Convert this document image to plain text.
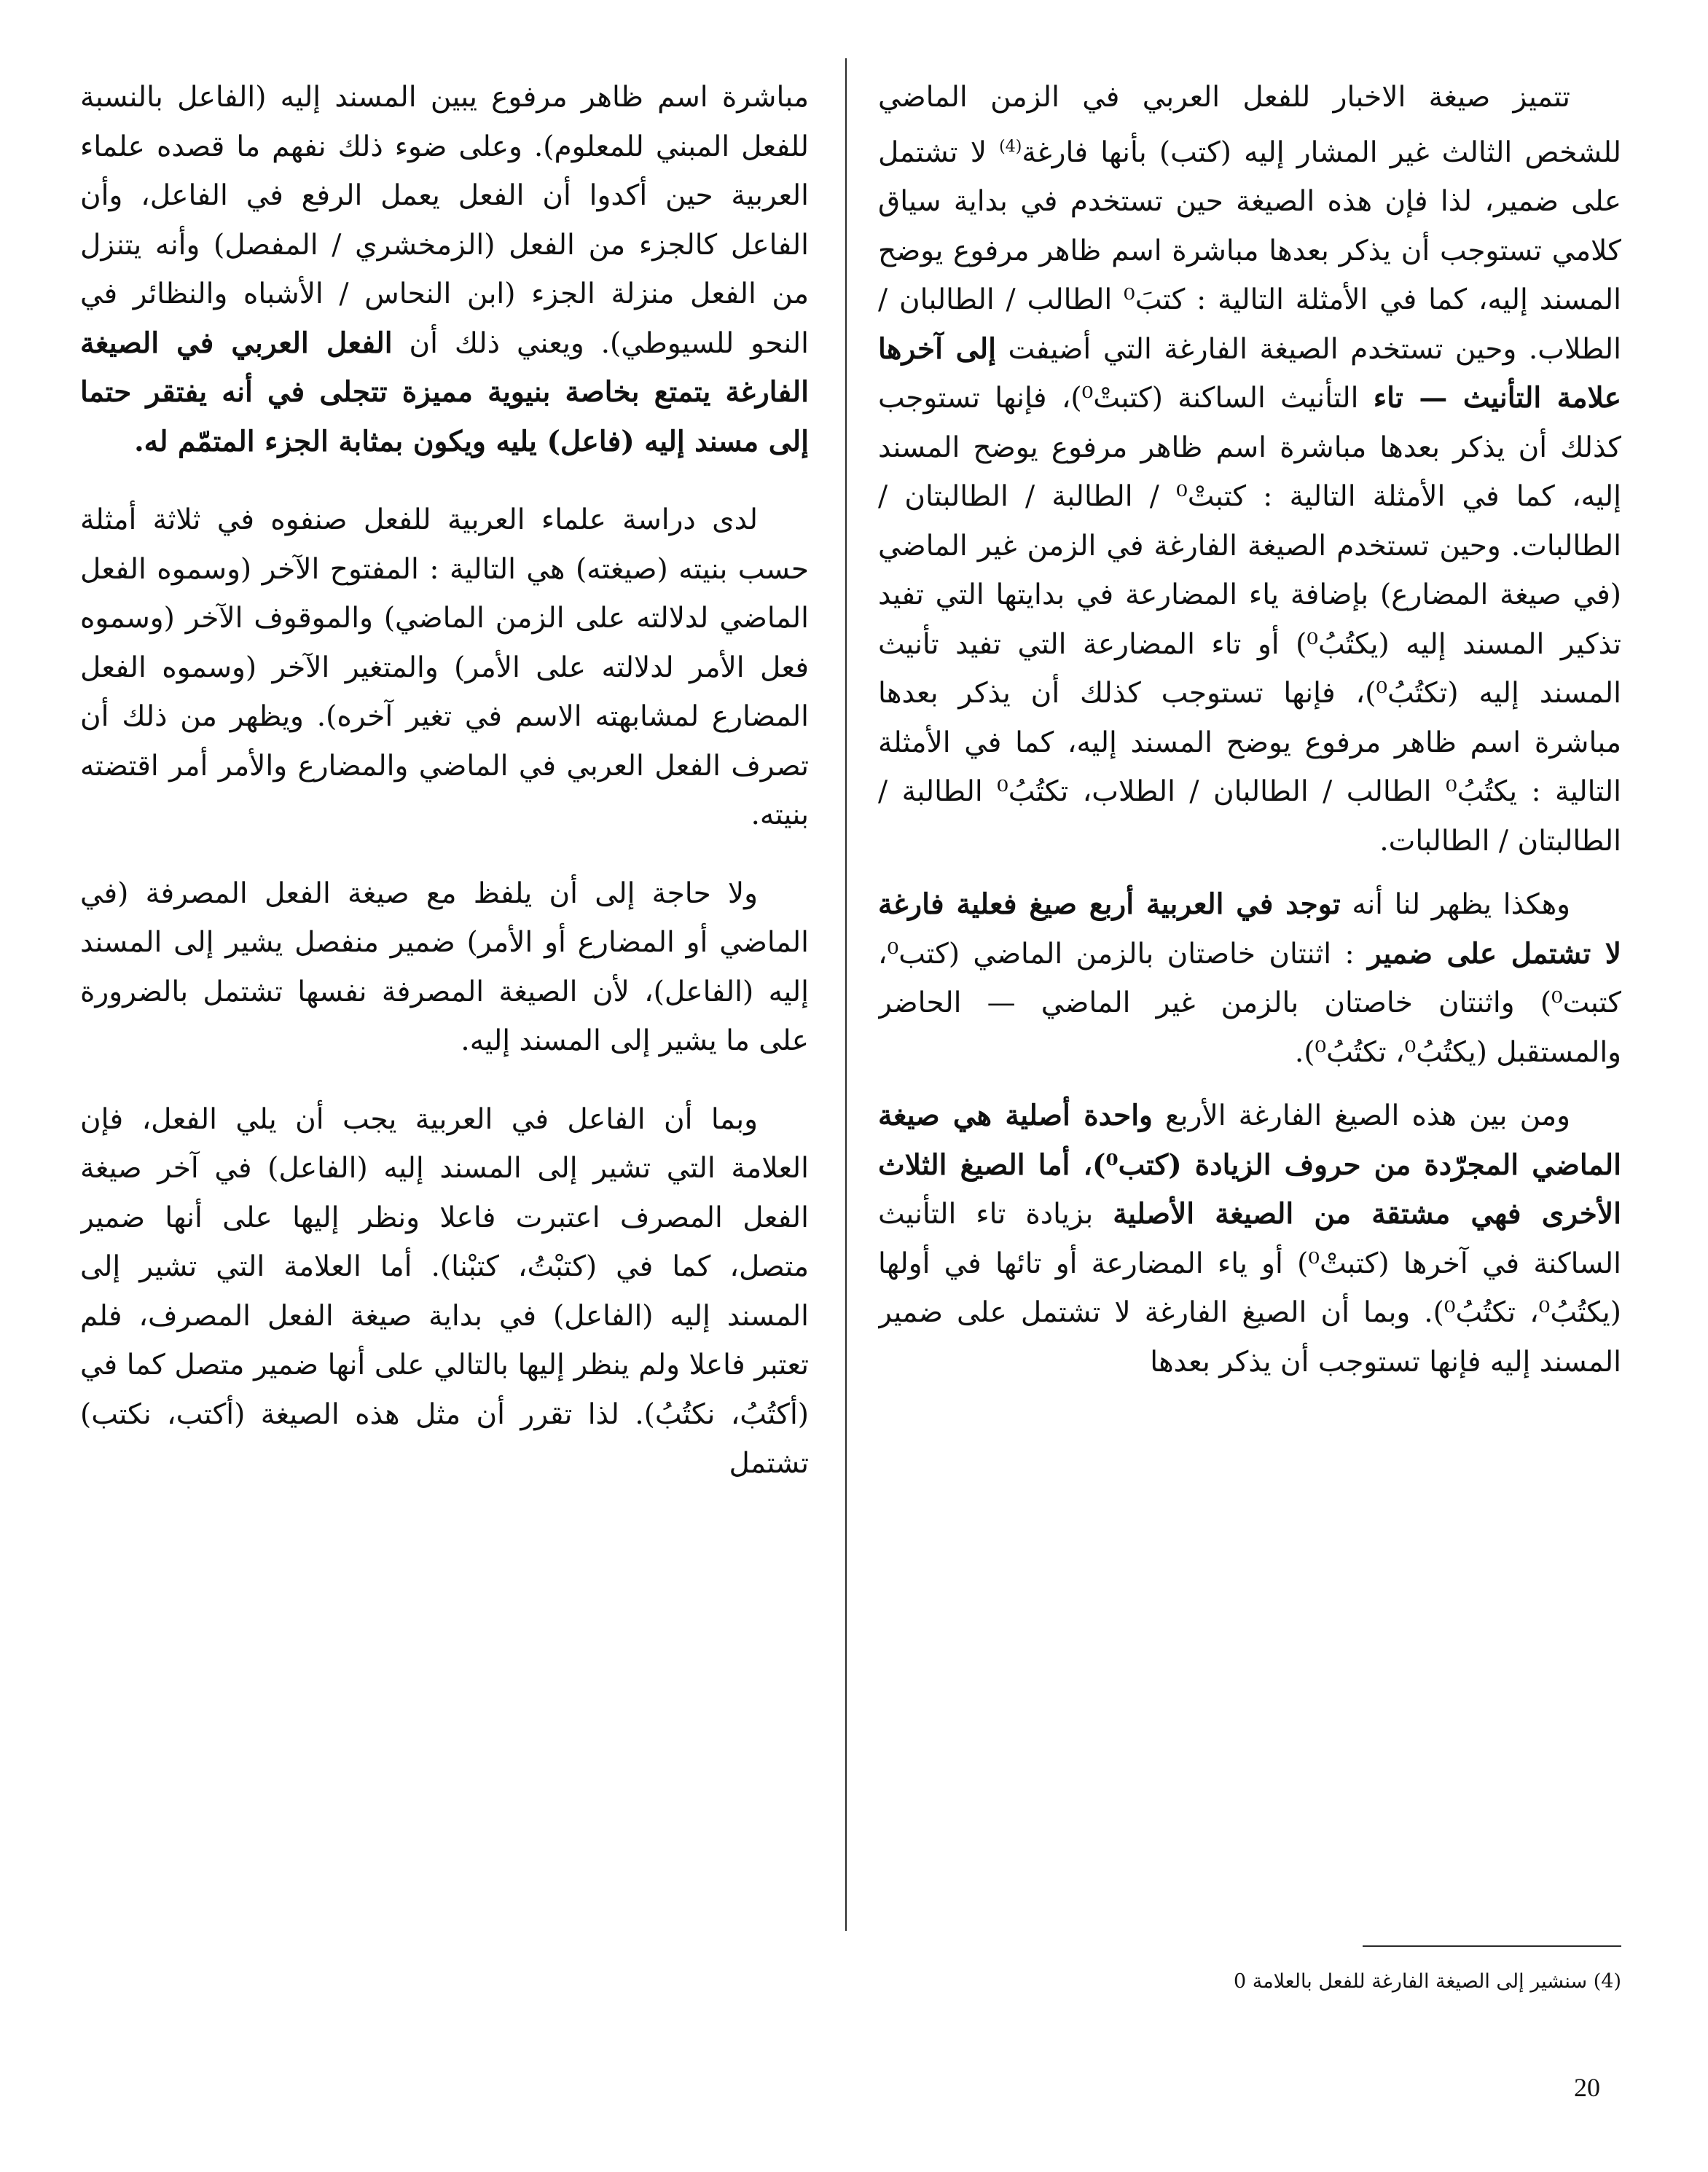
تتميز صيغة الاخبار للفعل العربي في الزمن الماضي للشخص الثالث غير المشار إليه (كتب) بأنها فارغة$^{(4)}$ لا تشتمل على ضمير، لذا فإن هذه الصيغة حين تستخدم في بداية سياق كلامي تستوجب أن يذكر بعدها مباشرة اسم ظاهر مرفوع يوضح المسند إليه، كما في الأمثلة التالية : كتبَ⁰ الطالب / الطالبان / الطلاب. وحين تستخدم الصيغة الفارغة التي أضيفت إلى آخرها علامة التأنيث — تاء التأنيث الساكنة (كتبتْ⁰)، فإنها تستوجب كذلك أن يذكر بعدها مباشرة اسم ظاهر مرفوع يوضح المسند إليه، كما في الأمثلة التالية : كتبتْ⁰ / الطالبة / الطالبتان / الطالبات. وحين تستخدم الصيغة الفارغة في الزمن غير الماضي (في صيغة المضارع) بإضافة ياء المضارعة في بدايتها التي تفيد تذكير المسند إليه (يكتُبُ⁰) أو تاء المضارعة التي تفيد تأنيث المسند إليه (تكتُبُ⁰)، فإنها تستوجب كذلك أن يذكر بعدها مباشرة اسم ظاهر مرفوع يوضح المسند إليه، كما في الأمثلة التالية : يكتُبُ⁰ الطالب / الطالبان / الطلاب، تكتُبُ⁰ الطالبة / الطالبتان / الطالبات.

وهكذا يظهر لنا أنه توجد في العربية أربع صيغ فعلية فارغة لا تشتمل على ضمير : اثنتان خاصتان بالزمن الماضي (كتب⁰، كتبت⁰) واثنتان خاصتان بالزمن غير الماضي — الحاضر والمستقبل (يكتُبُ⁰، تكتُبُ⁰).

ومن بين هذه الصيغ الفارغة الأربع واحدة أصلية هي صيغة الماضي المجرّدة من حروف الزيادة (كتب⁰)، أما الصيغ الثلاث الأخرى فهي مشتقة من الصيغة الأصلية بزيادة تاء التأنيث الساكنة في آخرها (كتبتْ⁰) أو ياء المضارعة أو تائها في أولها (يكتُبُ⁰، تكتُبُ⁰). وبما أن الصيغ الفارغة لا تشتمل على ضمير المسند إليه فإنها تستوجب أن يذكر بعدها

مباشرة اسم ظاهر مرفوع يبين المسند إليه (الفاعل بالنسبة للفعل المبني للمعلوم). وعلى ضوء ذلك نفهم ما قصده علماء العربية حين أكدوا أن الفعل يعمل الرفع في الفاعل، وأن الفاعل كالجزء من الفعل (الزمخشري / المفصل) وأنه يتنزل من الفعل منزلة الجزء (ابن النحاس / الأشباه والنظائر في النحو للسيوطي). ويعني ذلك أن الفعل العربي في الصيغة الفارغة يتمتع بخاصة بنيوية مميزة تتجلى في أنه يفتقر حتما إلى مسند إليه (فاعل) يليه ويكون بمثابة الجزء المتمّم له.

لدى دراسة علماء العربية للفعل صنفوه في ثلاثة أمثلة حسب بنيته (صيغته) هي التالية : المفتوح الآخر (وسموه الفعل الماضي لدلالته على الزمن الماضي) والموقوف الآخر (وسموه فعل الأمر لدلالته على الأمر) والمتغير الآخر (وسموه الفعل المضارع لمشابهته الاسم في تغير آخره). ويظهر من ذلك أن تصرف الفعل العربي في الماضي والمضارع والأمر أمر اقتضته بنيته.

ولا حاجة إلى أن يلفظ مع صيغة الفعل المصرفة (في الماضي أو المضارع أو الأمر) ضمير منفصل يشير إلى المسند إليه (الفاعل)، لأن الصيغة المصرفة نفسها تشتمل بالضرورة على ما يشير إلى المسند إليه.

وبما أن الفاعل في العربية يجب أن يلي الفعل، فإن العلامة التي تشير إلى المسند إليه (الفاعل) في آخر صيغة الفعل المصرف اعتبرت فاعلا ونظر إليها على أنها ضمير متصل، كما في (كتبْتُ، كتبْنا). أما العلامة التي تشير إلى المسند إليه (الفاعل) في بداية صيغة الفعل المصرف، فلم تعتبر فاعلا ولم ينظر إليها بالتالي على أنها ضمير متصل كما في (أكتُبُ، نكتُبُ). لذا تقرر أن مثل هذه الصيغة (أكتب، نكتب) تشتمل

(4) سنشير إلى الصيغة الفارغة للفعل بالعلامة 0
20
